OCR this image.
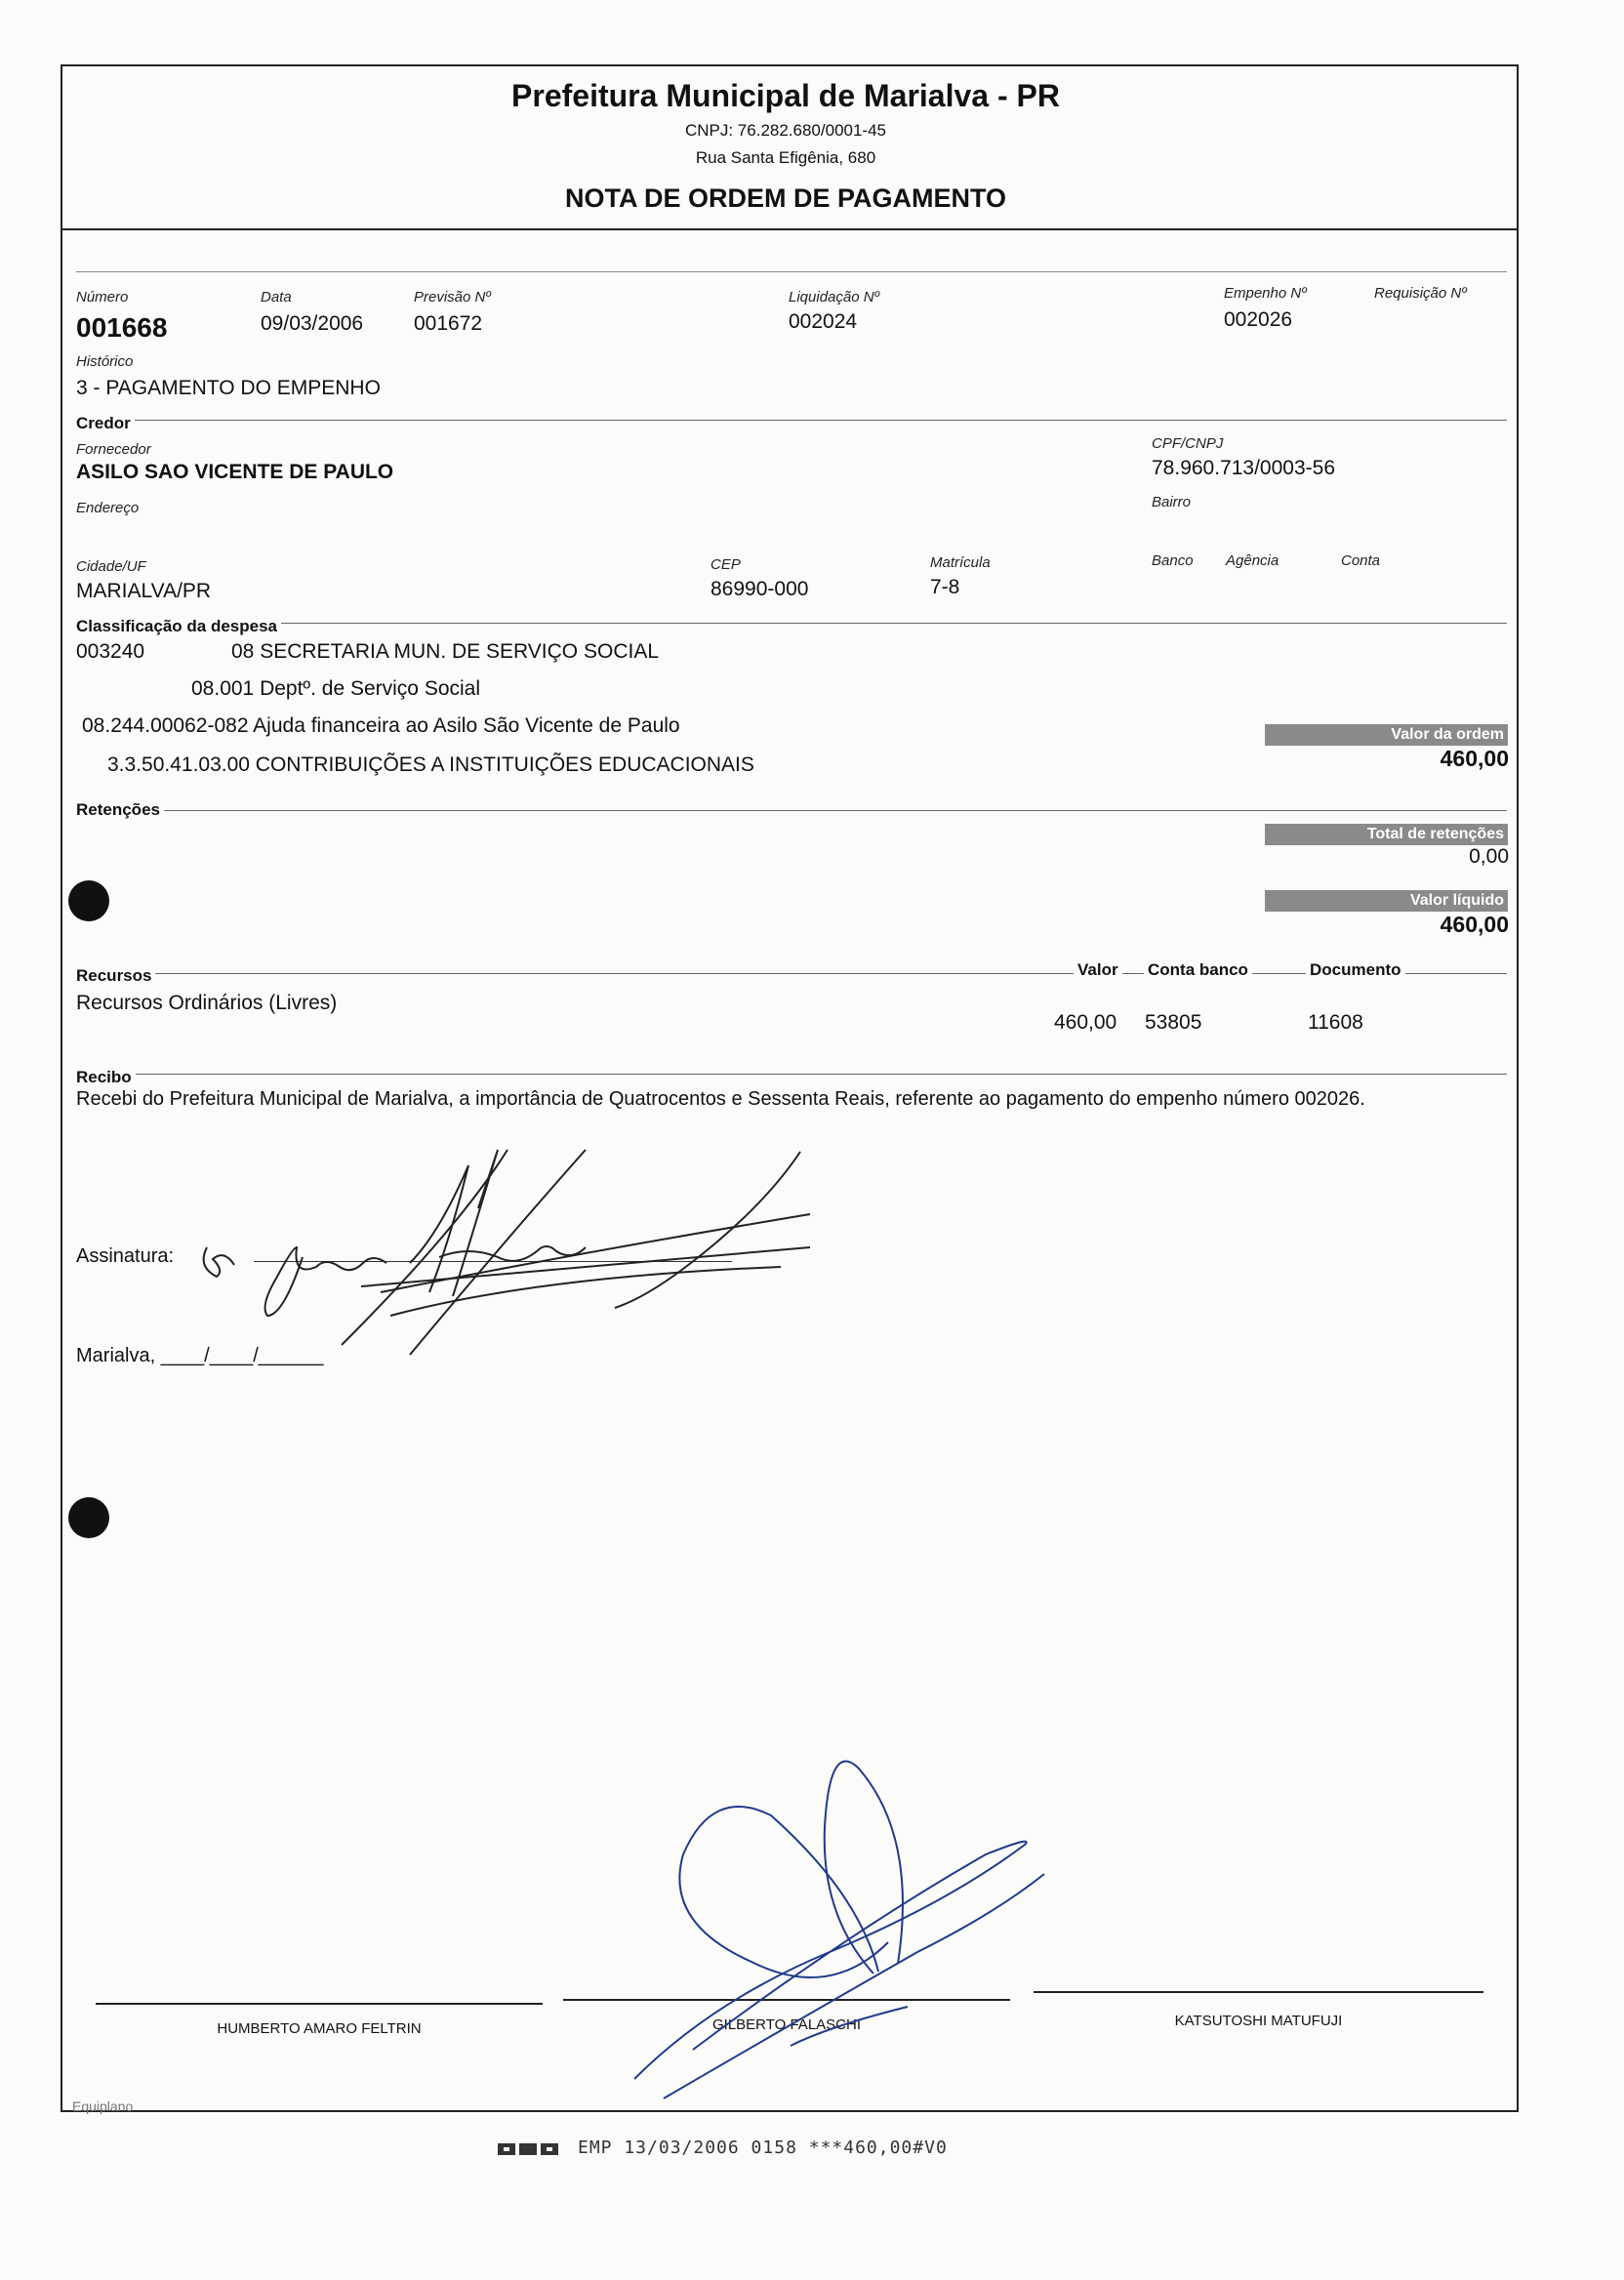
Prefeitura Municipal de Marialva - PR
CNPJ: 76.282.680/0001-45
Rua Santa Efigênia, 680
NOTA DE ORDEM DE PAGAMENTO
Número
001668
Data
09/03/2006
Previsão Nº
001672
Liquidação Nº
002024
Empenho Nº
002026
Requisição Nº
Histórico
3 - PAGAMENTO DO EMPENHO
Credor
Fornecedor
ASILO SAO VICENTE DE PAULO
CPF/CNPJ
78.960.713/0003-56
Endereço	Bairro
Cidade/UF
MARIALVA/PR
CEP
86990-000
Matrícula
7-8
Banco Agência	Conta
Classificação da despesa
003240	08 SECRETARIA MUN. DE SERVIÇO SOCIAL
08.001 Deptº. de Serviço Social
08.244.00062-082 Ajuda financeira ao Asilo São Vicente de Paulo
3.3.50.41.03.00 CONTRIBUIÇÕES A INSTITUIÇÕES EDUCACIONAIS
Valor da ordem
460,00
Retenções
Total de retenções
0,00
Valor líquido
460,00
Recursos	Valor Conta banco	Documento
Recursos Ordinários (Livres)
460,00 53805	11608
Recibo
Recebi do Prefeitura Municipal de Marialva, a importância de Quatrocentos e Sessenta Reais, referente ao pagamento do empenho número 002026.
Assinatura:
Marialva, ____/____/______
HUMBERTO AMARO FELTRIN	GILBERTO FALASCHI	KATSUTOSHI MATUFUJI
Equiplano
EMP 13/03/2006 0158 ***460,00#V0
